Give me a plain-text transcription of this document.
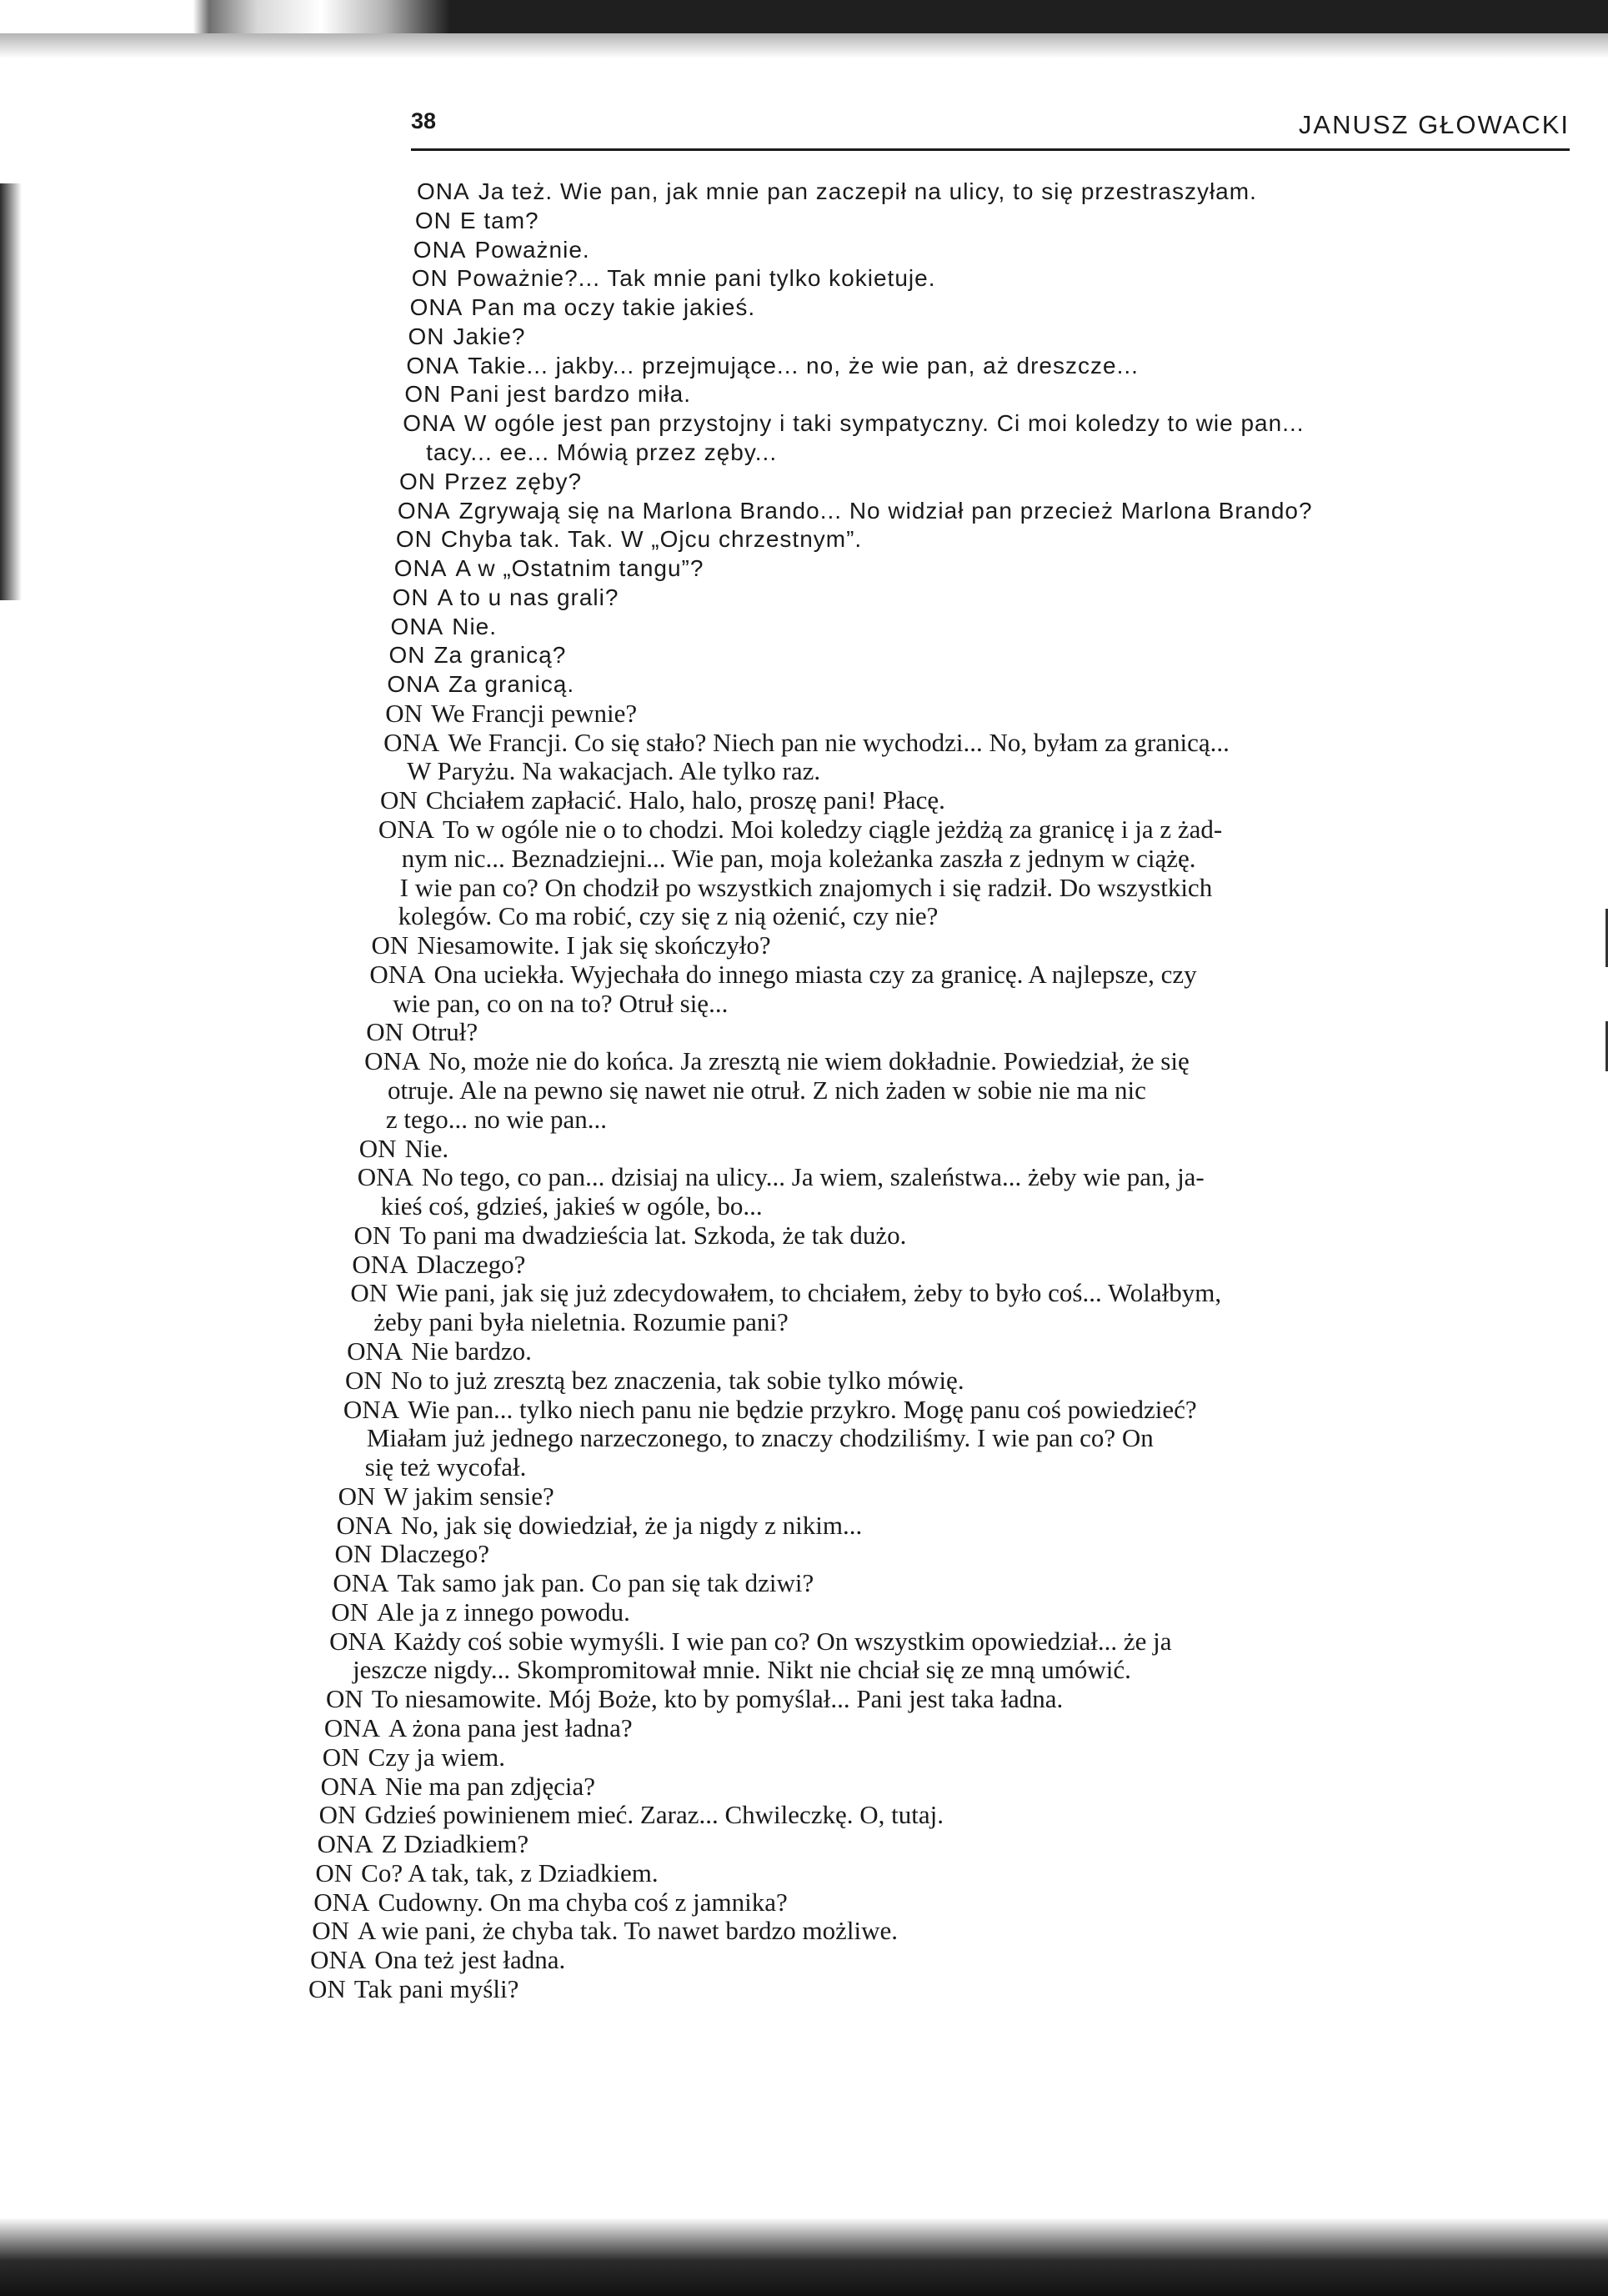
38	JANUSZ GŁOWACKI
ONA Ja też. Wie pan, jak mnie pan zaczepił na ulicy, to się przestraszyłam.
ON E tam?
ONA Poważnie.
ON Poważnie?... Tak mnie pani tylko kokietuje.
ONA Pan ma oczy takie jakieś.
ON Jakie?
ONA Takie... jakby... przejmujące... no, że wie pan, aż dreszcze...
ON Pani jest bardzo miła.
ONA W ogóle jest pan przystojny i taki sympatyczny. Ci moi koledzy to wie pan...
tacy... ee... Mówią przez zęby...
ON Przez zęby?
ONA Zgrywają się na Marlona Brando... No widział pan przecież Marlona Brando?
ON Chyba tak. Tak. W „Ojcu chrzestnym”.
ONA A w „Ostatnim tangu”?
ON A to u nas grali?
ONA Nie.
ON Za granicą?
ONA Za granicą.
ON We Francji pewnie?
ONA We Francji. Co się stało? Niech pan nie wychodzi... No, byłam za granicą...
W Paryżu. Na wakacjach. Ale tylko raz.
ON Chciałem zapłacić. Halo, halo, proszę pani! Płacę.
ONA To w ogóle nie o to chodzi. Moi koledzy ciągle jeżdżą za granicę i ja z żad-
nym nic... Beznadziejni... Wie pan, moja koleżanka zaszła z jednym w ciążę.
I wie pan co? On chodził po wszystkich znajomych i się radził. Do wszystkich
kolegów. Co ma robić, czy się z nią ożenić, czy nie?
ON Niesamowite. I jak się skończyło?
ONA Ona uciekła. Wyjechała do innego miasta czy za granicę. A najlepsze, czy
wie pan, co on na to? Otruł się...
ON Otruł?
ONA No, może nie do końca. Ja zresztą nie wiem dokładnie. Powiedział, że się
otruje. Ale na pewno się nawet nie otruł. Z nich żaden w sobie nie ma nic
z tego... no wie pan...
ON Nie.
ONA No tego, co pan... dzisiaj na ulicy... Ja wiem, szaleństwa... żeby wie pan, ja-
kieś coś, gdzieś, jakieś w ogóle, bo...
ON To pani ma dwadzieścia lat. Szkoda, że tak dużo.
ONA Dlaczego?
ON Wie pani, jak się już zdecydowałem, to chciałem, żeby to było coś... Wolałbym,
żeby pani była nieletnia. Rozumie pani?
ONA Nie bardzo.
ON No to już zresztą bez znaczenia, tak sobie tylko mówię.
ONA Wie pan... tylko niech panu nie będzie przykro. Mogę panu coś powiedzieć?
Miałam już jednego narzeczonego, to znaczy chodziliśmy. I wie pan co? On
się też wycofał.
ON W jakim sensie?
ONA No, jak się dowiedział, że ja nigdy z nikim...
ON Dlaczego?
ONA Tak samo jak pan. Co pan się tak dziwi?
ON Ale ja z innego powodu.
ONA Każdy coś sobie wymyśli. I wie pan co? On wszystkim opowiedział... że ja
jeszcze nigdy... Skompromitował mnie. Nikt nie chciał się ze mną umówić.
ON To niesamowite. Mój Boże, kto by pomyślał... Pani jest taka ładna.
ONA A żona pana jest ładna?
ON Czy ja wiem.
ONA Nie ma pan zdjęcia?
ON Gdzieś powinienem mieć. Zaraz... Chwileczkę. O, tutaj.
ONA Z Dziadkiem?
ON Co? A tak, tak, z Dziadkiem.
ONA Cudowny. On ma chyba coś z jamnika?
ON A wie pani, że chyba tak. To nawet bardzo możliwe.
ONA Ona też jest ładna.
ON Tak pani myśli?
